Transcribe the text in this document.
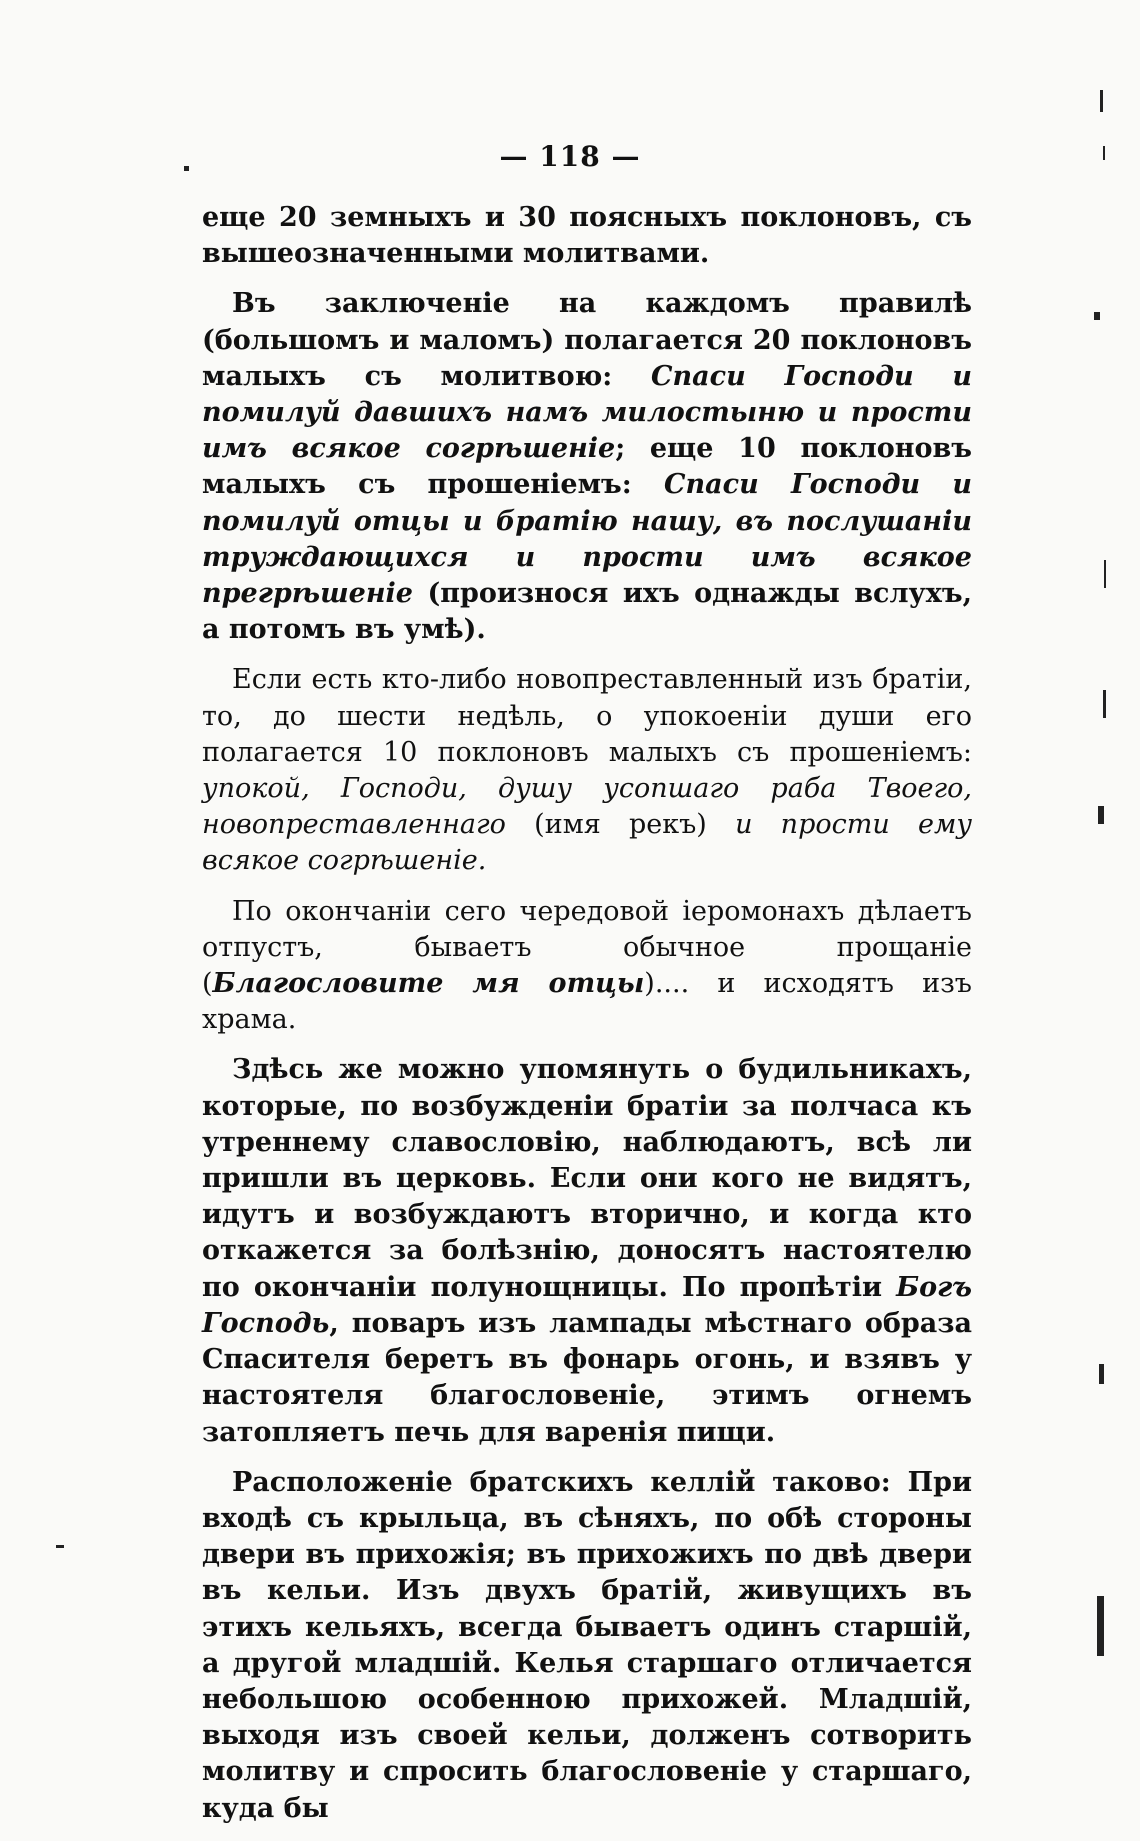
— 118 —

еще 20 земныхъ и 30 поясныхъ поклоновъ, съ вышеозначенными молитвами.

Въ заключеніе на каждомъ правилѣ (большомъ и маломъ) полагается 20 поклоновъ малыхъ съ молитвою: Спаси Господи и помилуй давшихъ намъ милостыню и прости имъ всякое согрѣшеніе; еще 10 поклоновъ малыхъ съ прошеніемъ: Спаси Господи и помилуй отцы и братію нашу, въ послушаніи труждающихся и прости имъ всякое прегрѣшеніе (произнося ихъ однажды вслухъ, а потомъ въ умѣ).

Если есть кто-либо новопреставленный изъ братіи, то, до шести недѣль, о упокоеніи души его полагается 10 поклоновъ малыхъ съ прошеніемъ: упокой, Господи, душу усопшаго раба Твоего, новопреставленнаго (имя рекъ) и прости ему всякое согрѣшеніе.

По окончаніи сего чередовой іеромонахъ дѣлаетъ отпустъ, бываетъ обычное прощаніе (Благословите мя отцы).... и исходятъ изъ храма.

Здѣсь же можно упомянуть о будильникахъ, которые, по возбужденіи братіи за полчаса къ утреннему славословію, наблюдаютъ, всѣ ли пришли въ церковь. Если они кого не видятъ, идутъ и возбуждаютъ вторично, и когда кто откажется за болѣзнію, доносятъ настоятелю по окончаніи полунощницы. По пропѣтіи Богъ Господь, поваръ изъ лампады мѣстнаго образа Спасителя беретъ въ фонарь огонь, и взявъ у настоятеля благословеніе, этимъ огнемъ затопляетъ печь для варенія пищи.

Расположеніе братскихъ келлій таково: При входѣ съ крыльца, въ сѣняхъ, по обѣ стороны двери въ прихожія; въ прихожихъ по двѣ двери въ кельи. Изъ двухъ братій, живущихъ въ этихъ кельяхъ, всегда бываетъ одинъ старшій, а другой младшій. Келья старшаго отличается небольшою особенною прихожей. Младшій, выходя изъ своей кельи, долженъ сотворить молитву и спросить благословеніе у старшаго, куда бы
